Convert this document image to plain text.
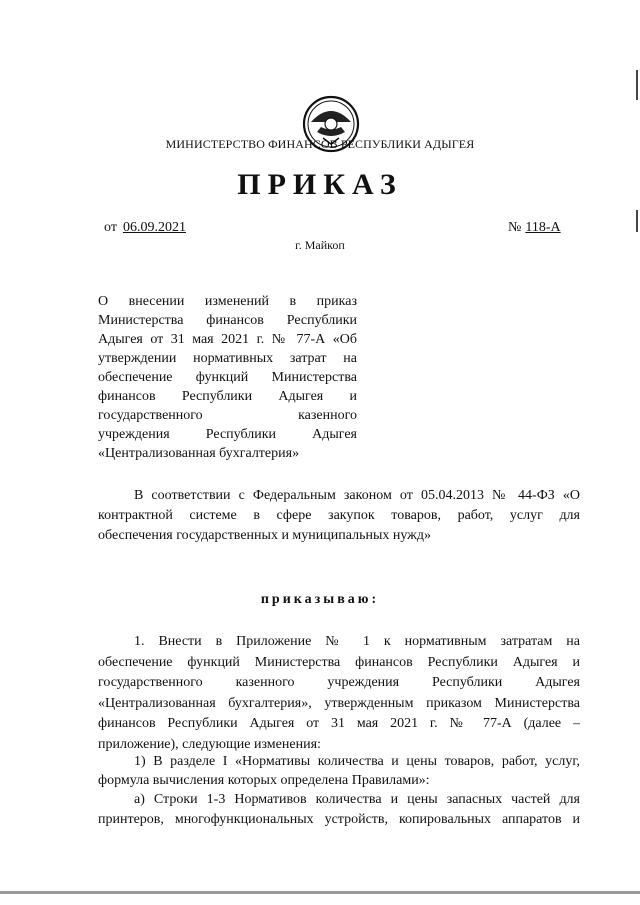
МИНИСТЕРСТВО ФИНАНСОВ РЕСПУБЛИКИ АДЫГЕЯ
ПРИКАЗ
от 06.09.2021	№ 118-А
г. Майкоп
О внесении изменений в приказ
Министерства финансов Республики
Адыгея от 31 мая 2021 г. № 77-А «Об
утверждении нормативных затрат на
обеспечение функций Министерства
финансов Республики Адыгея и
государственного казенного
учреждения Республики Адыгея
«Централизованная бухгалтерия»
В соответствии с Федеральным законом от 05.04.2013 № 44-ФЗ «О
контрактной системе в сфере закупок товаров, работ, услуг для
обеспечения государственных и муниципальных нужд»
приказываю:
1. Внести в Приложение № 1 к нормативным затратам на
обеспечение функций Министерства финансов Республики Адыгея и
государственного казенного учреждения Республики Адыгея
«Централизованная бухгалтерия», утвержденным приказом Министерства
финансов Республики Адыгея от 31 мая 2021 г. № 77-А (далее –
приложение), следующие изменения:
1) В разделе I «Нормативы количества и цены товаров, работ, услуг,
формула вычисления которых определена Правилами»:
а) Строки 1-3 Нормативов количества и цены запасных частей для
принтеров, многофункциональных устройств, копировальных аппаратов и
